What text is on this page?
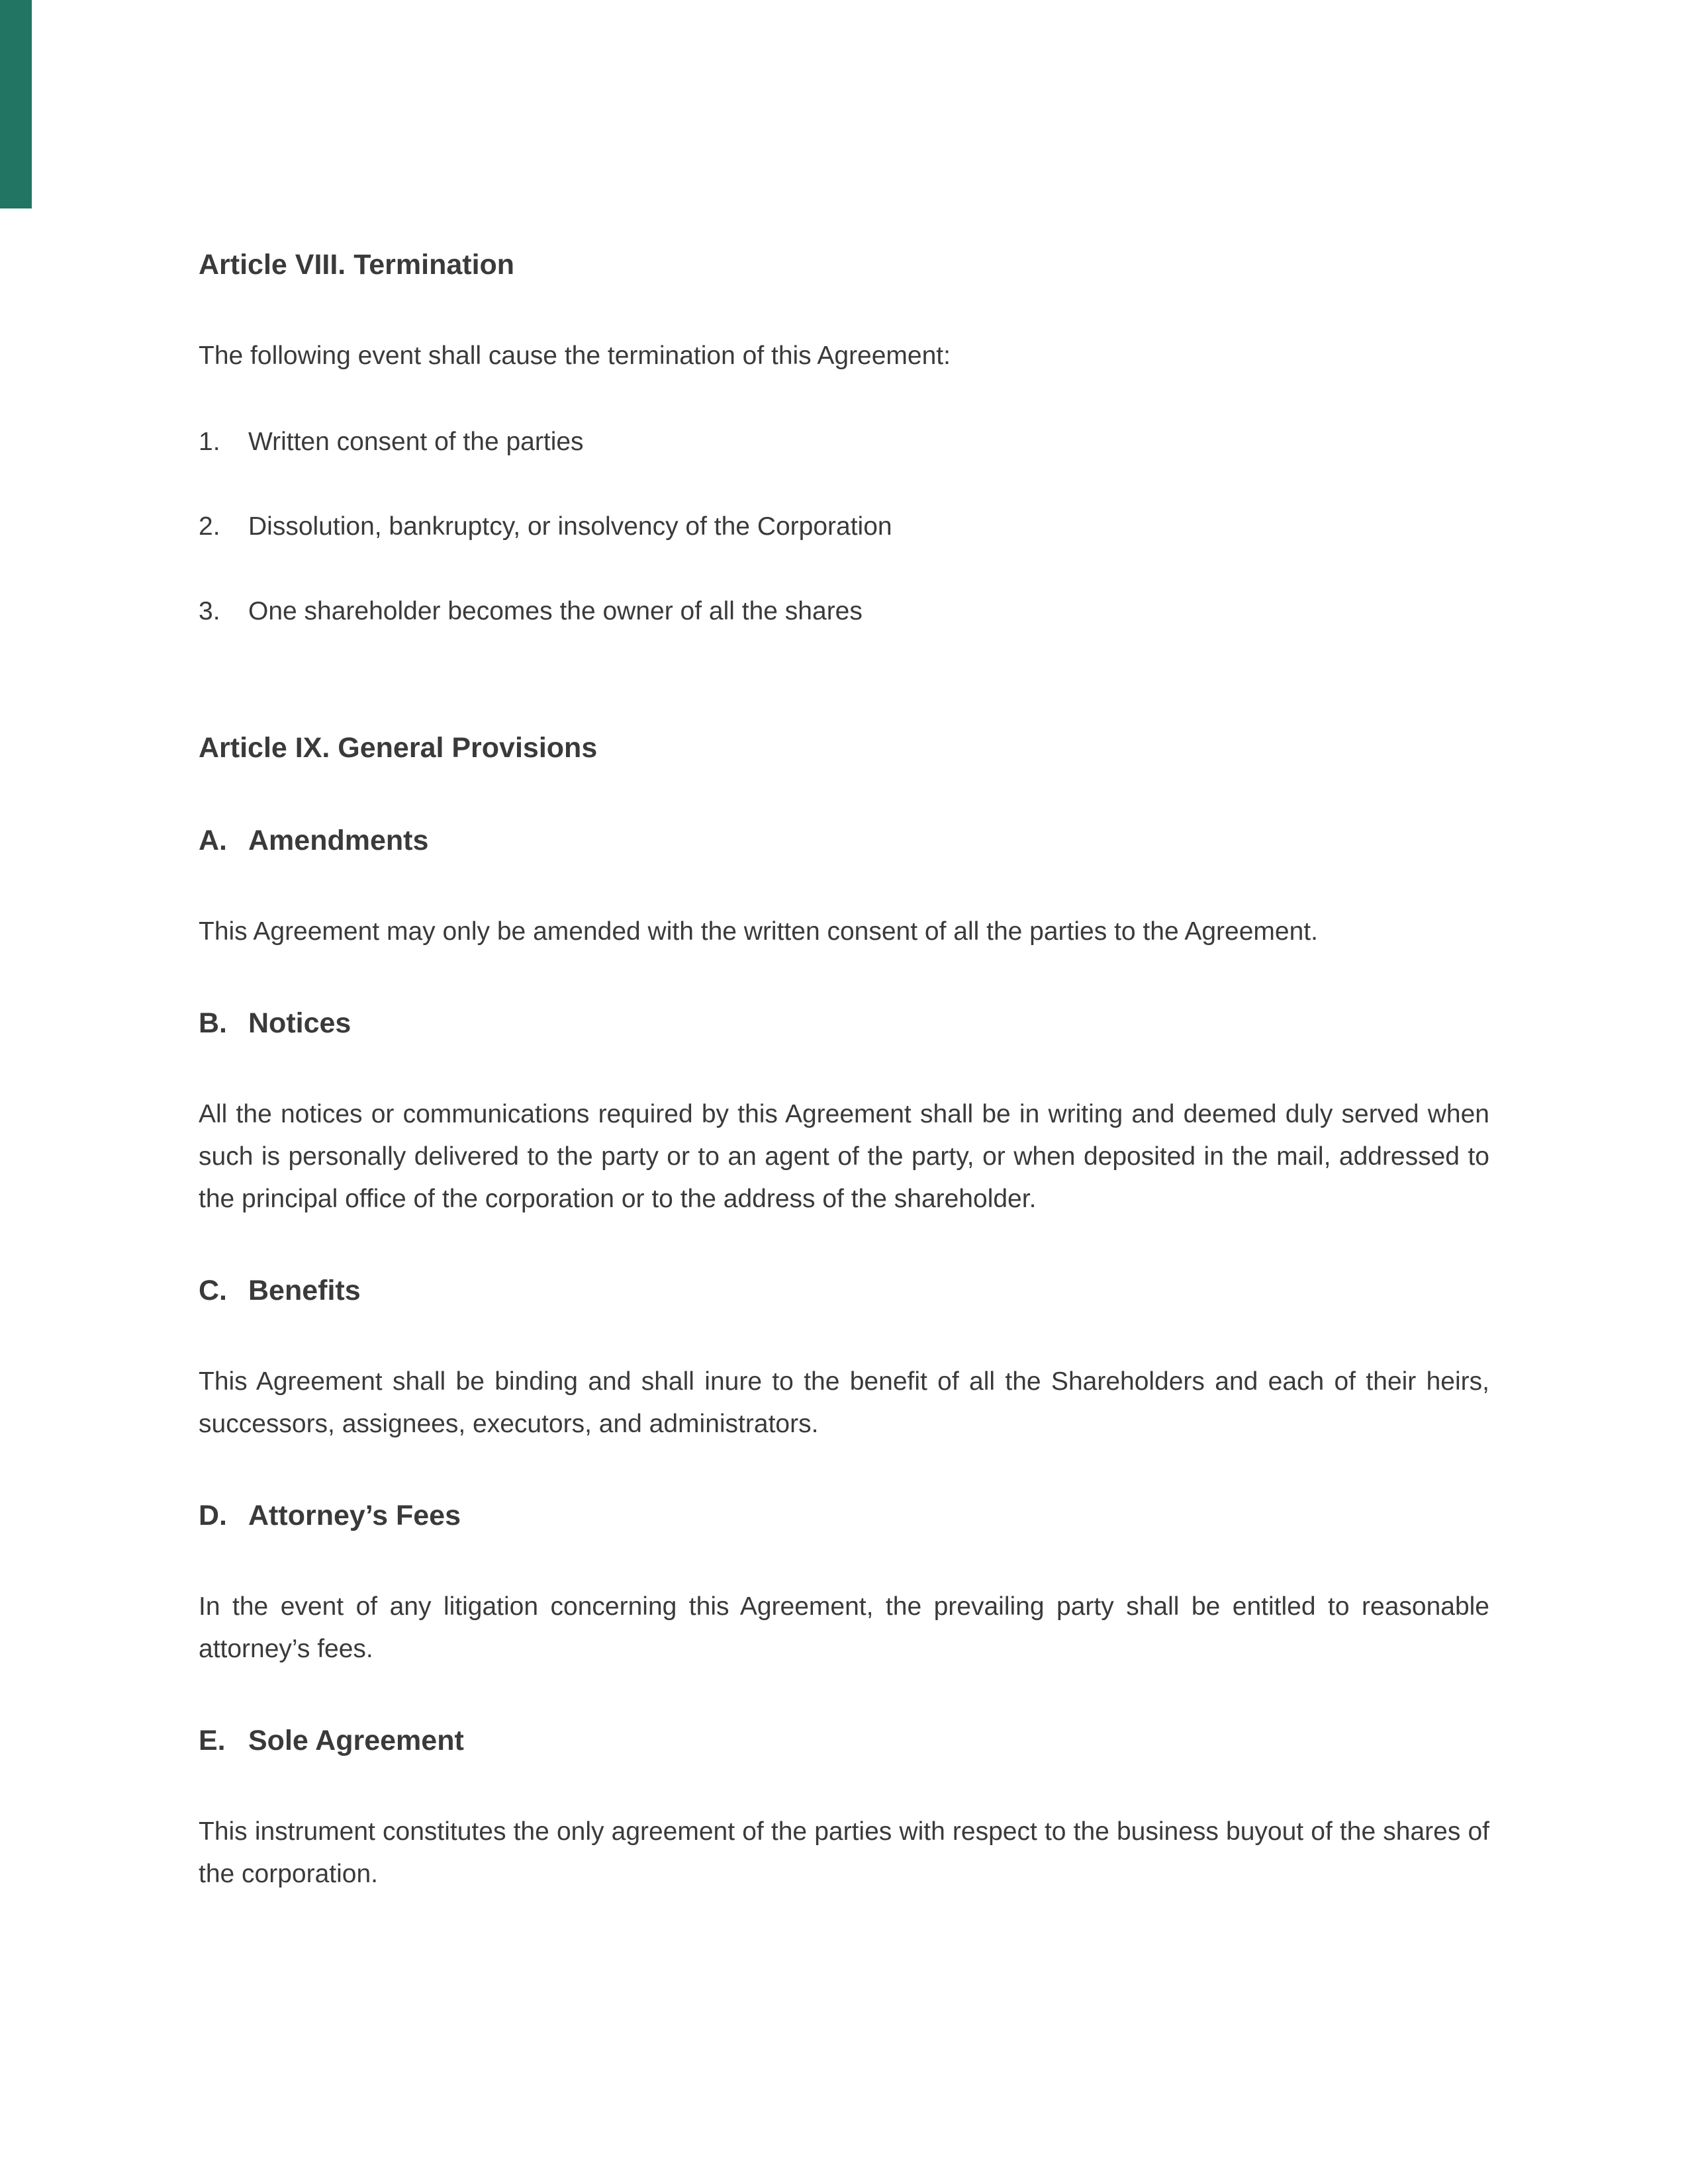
Article VIII. Termination

The following event shall cause the termination of this Agreement:

1. Written consent of the parties
2. Dissolution, bankruptcy, or insolvency of the Corporation
3. One shareholder becomes the owner of all the shares
Article IX. General Provisions
A. Amendments

This Agreement may only be amended with the written consent of all the parties to the Agreement.

B. Notices

All the notices or communications required by this Agreement shall be in writing and deemed duly served when such is personally delivered to the party or to an agent of the party, or when deposited in the mail, addressed to the principal office of the corporation or to the address of the shareholder.

C. Benefits

This Agreement shall be binding and shall inure to the benefit of all the Shareholders and each of their heirs, successors, assignees, executors, and administrators.

D. Attorney’s Fees

In the event of any litigation concerning this Agreement, the prevailing party shall be entitled to reasonable attorney’s fees.

E. Sole Agreement

This instrument constitutes the only agreement of the parties with respect to the business buyout of the shares of the corporation.
